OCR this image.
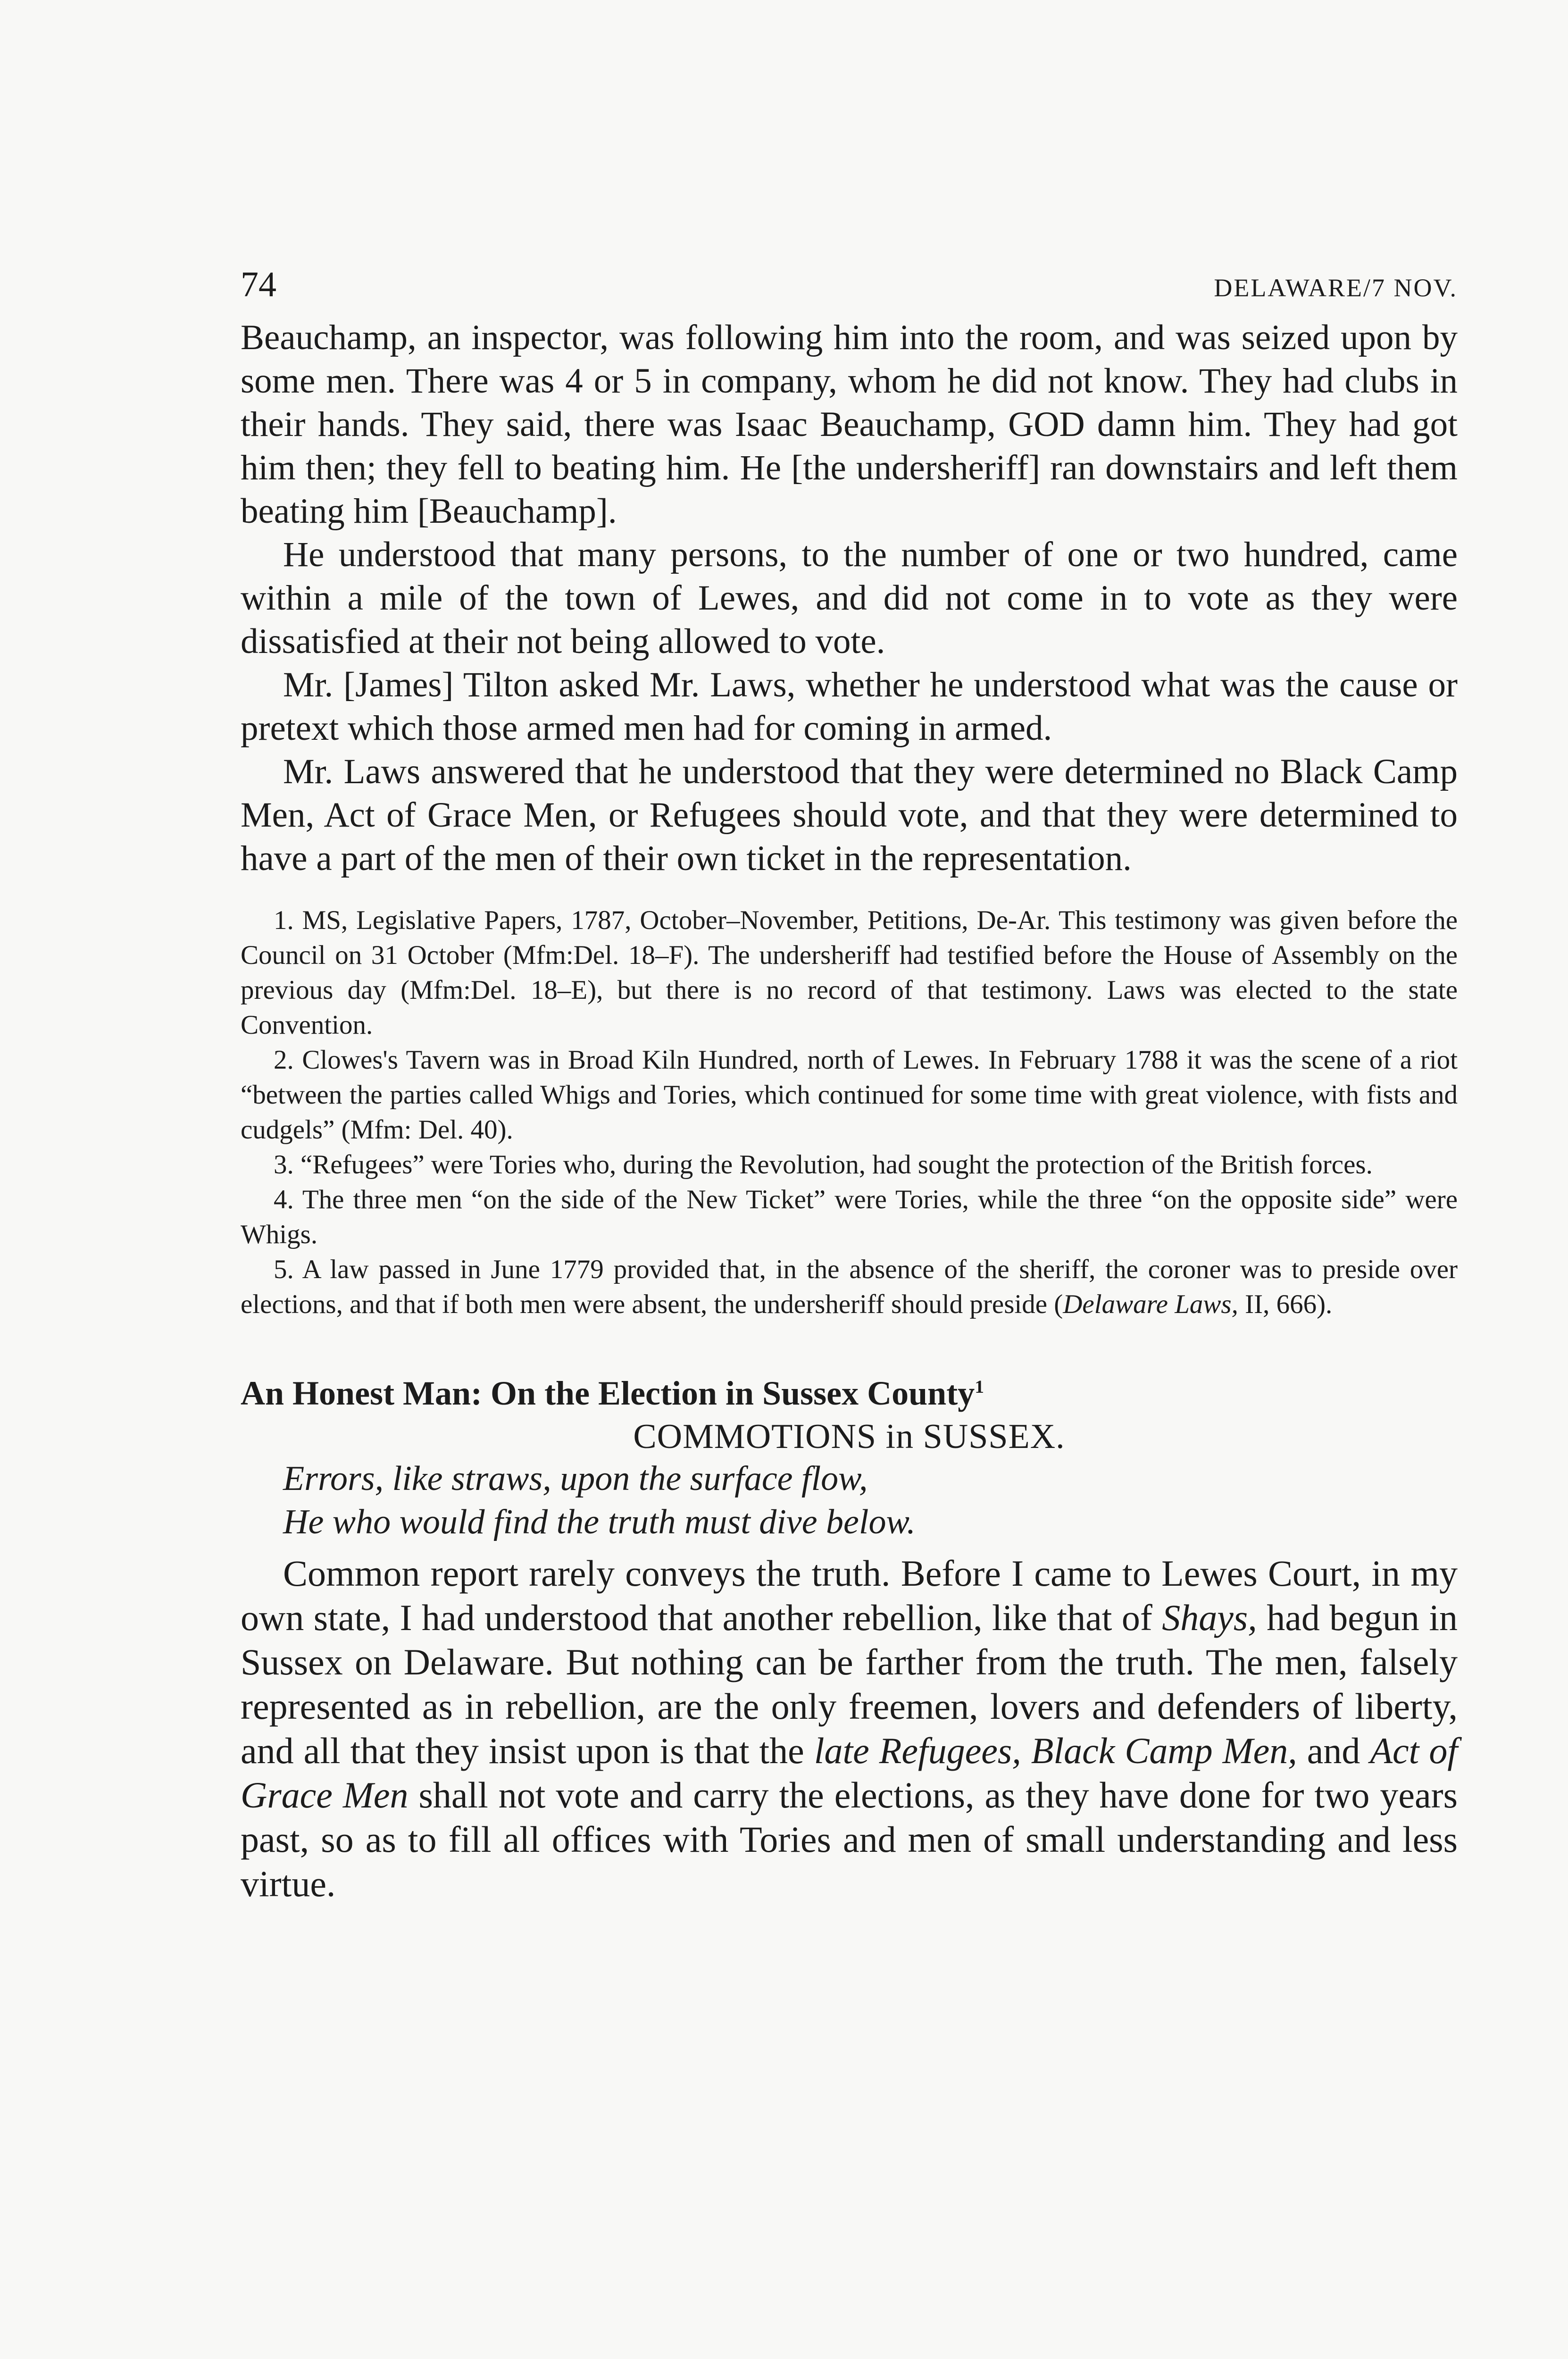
74	DELAWARE/7 NOV.

Beauchamp, an inspector, was following him into the room, and was seized upon by some men. There was 4 or 5 in company, whom he did not know. They had clubs in their hands. They said, there was Isaac Beauchamp, GOD damn him. They had got him then; they fell to beating him. He [the undersheriff] ran downstairs and left them beating him [Beauchamp].

He understood that many persons, to the number of one or two hundred, came within a mile of the town of Lewes, and did not come in to vote as they were dissatisfied at their not being allowed to vote.

Mr. [James] Tilton asked Mr. Laws, whether he understood what was the cause or pretext which those armed men had for coming in armed.

Mr. Laws answered that he understood that they were determined no Black Camp Men, Act of Grace Men, or Refugees should vote, and that they were determined to have a part of the men of their own ticket in the representation.

1. MS, Legislative Papers, 1787, October–November, Petitions, De-Ar. This testimony was given before the Council on 31 October (Mfm:Del. 18–F). The undersheriff had testified before the House of Assembly on the previous day (Mfm:Del. 18–E), but there is no record of that testimony. Laws was elected to the state Convention.

2. Clowes's Tavern was in Broad Kiln Hundred, north of Lewes. In February 1788 it was the scene of a riot “between the parties called Whigs and Tories, which continued for some time with great violence, with fists and cudgels” (Mfm: Del. 40).

3. “Refugees” were Tories who, during the Revolution, had sought the protection of the British forces.

4. The three men “on the side of the New Ticket” were Tories, while the three “on the opposite side” were Whigs.

5. A law passed in June 1779 provided that, in the absence of the sheriff, the coroner was to preside over elections, and that if both men were absent, the undersheriff should preside (Delaware Laws, II, 666).

An Honest Man: On the Election in Sussex County$^1$
COMMOTIONS in SUSSEX.
Errors, like straws, upon the surface flow,
He who would find the truth must dive below.

Common report rarely conveys the truth. Before I came to Lewes Court, in my own state, I had understood that another rebellion, like that of Shays, had begun in Sussex on Delaware. But nothing can be farther from the truth. The men, falsely represented as in rebellion, are the only freemen, lovers and defenders of liberty, and all that they insist upon is that the late Refugees, Black Camp Men, and Act of Grace Men shall not vote and carry the elections, as they have done for two years past, so as to fill all offices with Tories and men of small understanding and less virtue.
